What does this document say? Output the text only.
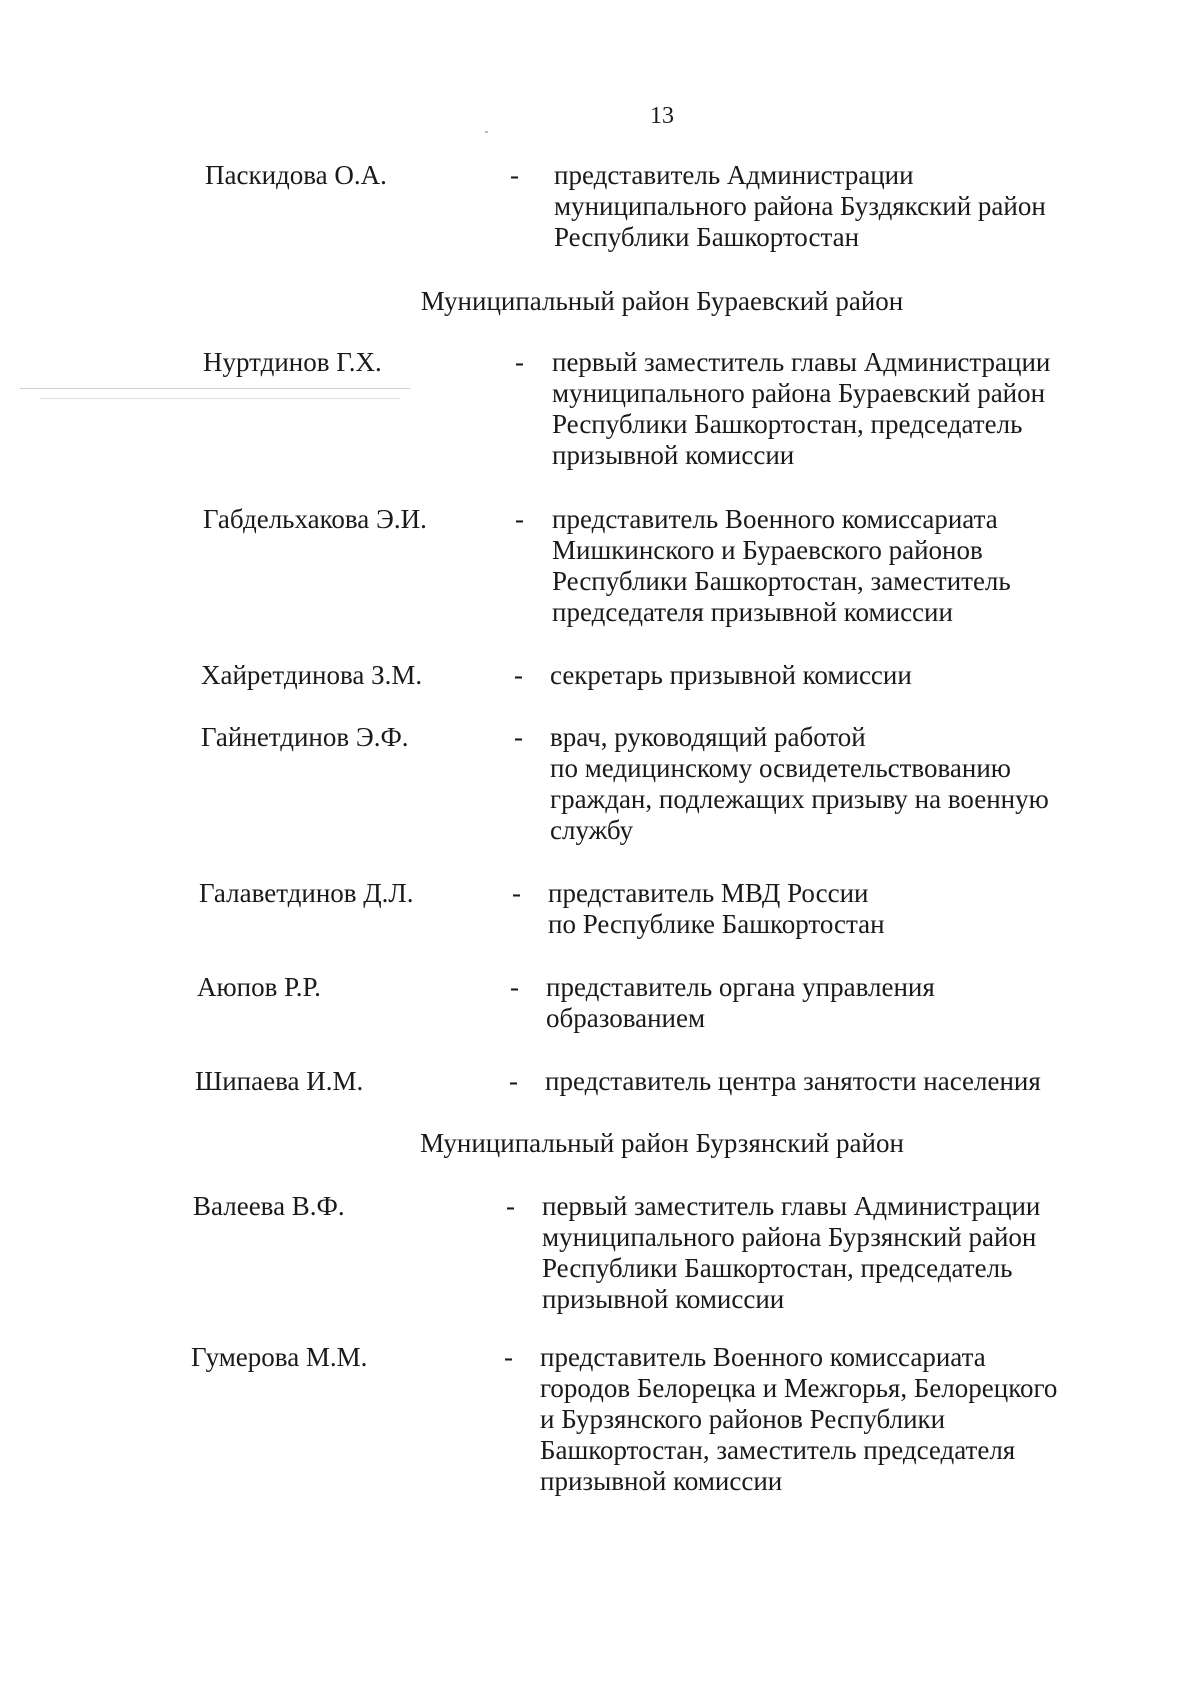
13
Паскидова О.А.	- представитель Администрации
муниципального района Буздякский район
Республики Башкортостан
Муниципальный район Бураевский район
Нуртдинов Г.Х.	- первый заместитель главы Администрации
муниципального района Бураевский район
Республики Башкортостан, председатель
призывной комиссии
Габдельхакова Э.И.	- представитель Военного комиссариата
Мишкинского и Бураевского районов
Республики Башкортостан, заместитель
председателя призывной комиссии
Хайретдинова З.М.	- секретарь призывной комиссии
Гайнетдинов Э.Ф.	- врач, руководящий работой
по медицинскому освидетельствованию
граждан, подлежащих призыву на военную
службу
Галаветдинов Д.Л.	- представитель МВД России
по Республике Башкортостан
Аюпов Р.Р.	- представитель органа управления
образованием
Шипаева И.М.	- представитель центра занятости населения
Муниципальный район Бурзянский район
Валеева В.Ф.	- первый заместитель главы Администрации
муниципального района Бурзянский район
Республики Башкортостан, председатель
призывной комиссии
Гумерова М.М.	- представитель Военного комиссариата
городов Белорецка и Межгорья, Белорецкого
и Бурзянского районов Республики
Башкортостан, заместитель председателя
призывной комиссии
